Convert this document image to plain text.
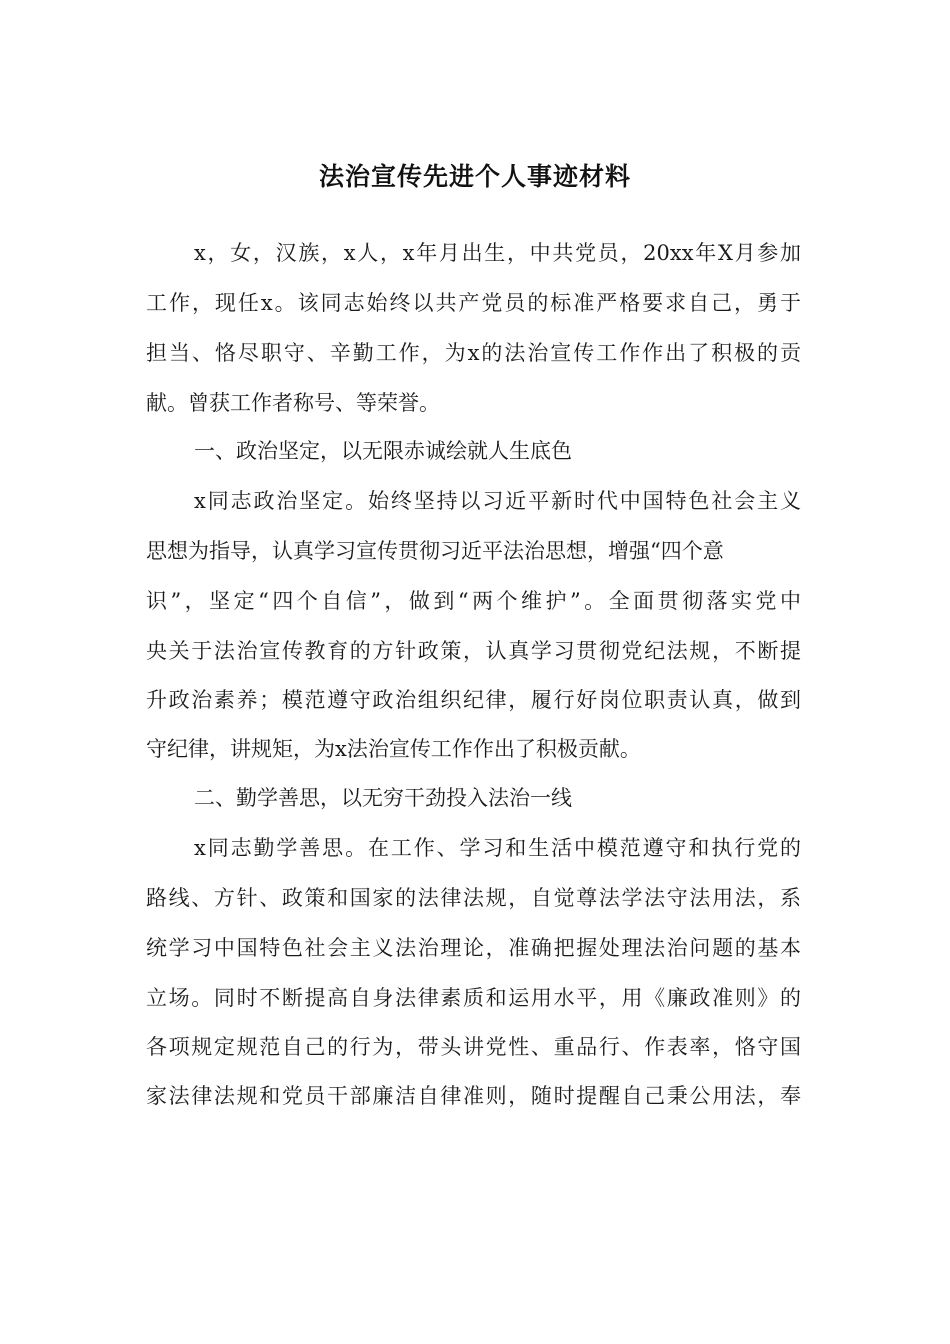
法治宣传先进个人事迹材料
x，女，汉族，x人，x年月出生，中共党员，20xx年X月参加
工作，现任x。该同志始终以共产党员的标准严格要求自己，勇于
担当、恪尽职守、辛勤工作，为x的法治宣传工作作出了积极的贡
献。曾获工作者称号、等荣誉。
一、政治坚定，以无限赤诚绘就人生底色
x同志政治坚定。始终坚持以习近平新时代中国特色社会主义
思想为指导，认真学习宣传贯彻习近平法治思想，增强“四个意
识”，坚定“四个自信”，做到“两个维护”。全面贯彻落实党中
央关于法治宣传教育的方针政策，认真学习贯彻党纪法规，不断提
升政治素养；模范遵守政治组织纪律，履行好岗位职责认真，做到
守纪律，讲规矩，为x法治宣传工作作出了积极贡献。
二、勤学善思，以无穷干劲投入法治一线
x同志勤学善思。在工作、学习和生活中模范遵守和执行党的
路线、方针、政策和国家的法律法规，自觉尊法学法守法用法，系
统学习中国特色社会主义法治理论，准确把握处理法治问题的基本
立场。同时不断提高自身法律素质和运用水平，用《廉政准则》的
各项规定规范自己的行为，带头讲党性、重品行、作表率，恪守国
家法律法规和党员干部廉洁自律准则，随时提醒自己秉公用法，奉
